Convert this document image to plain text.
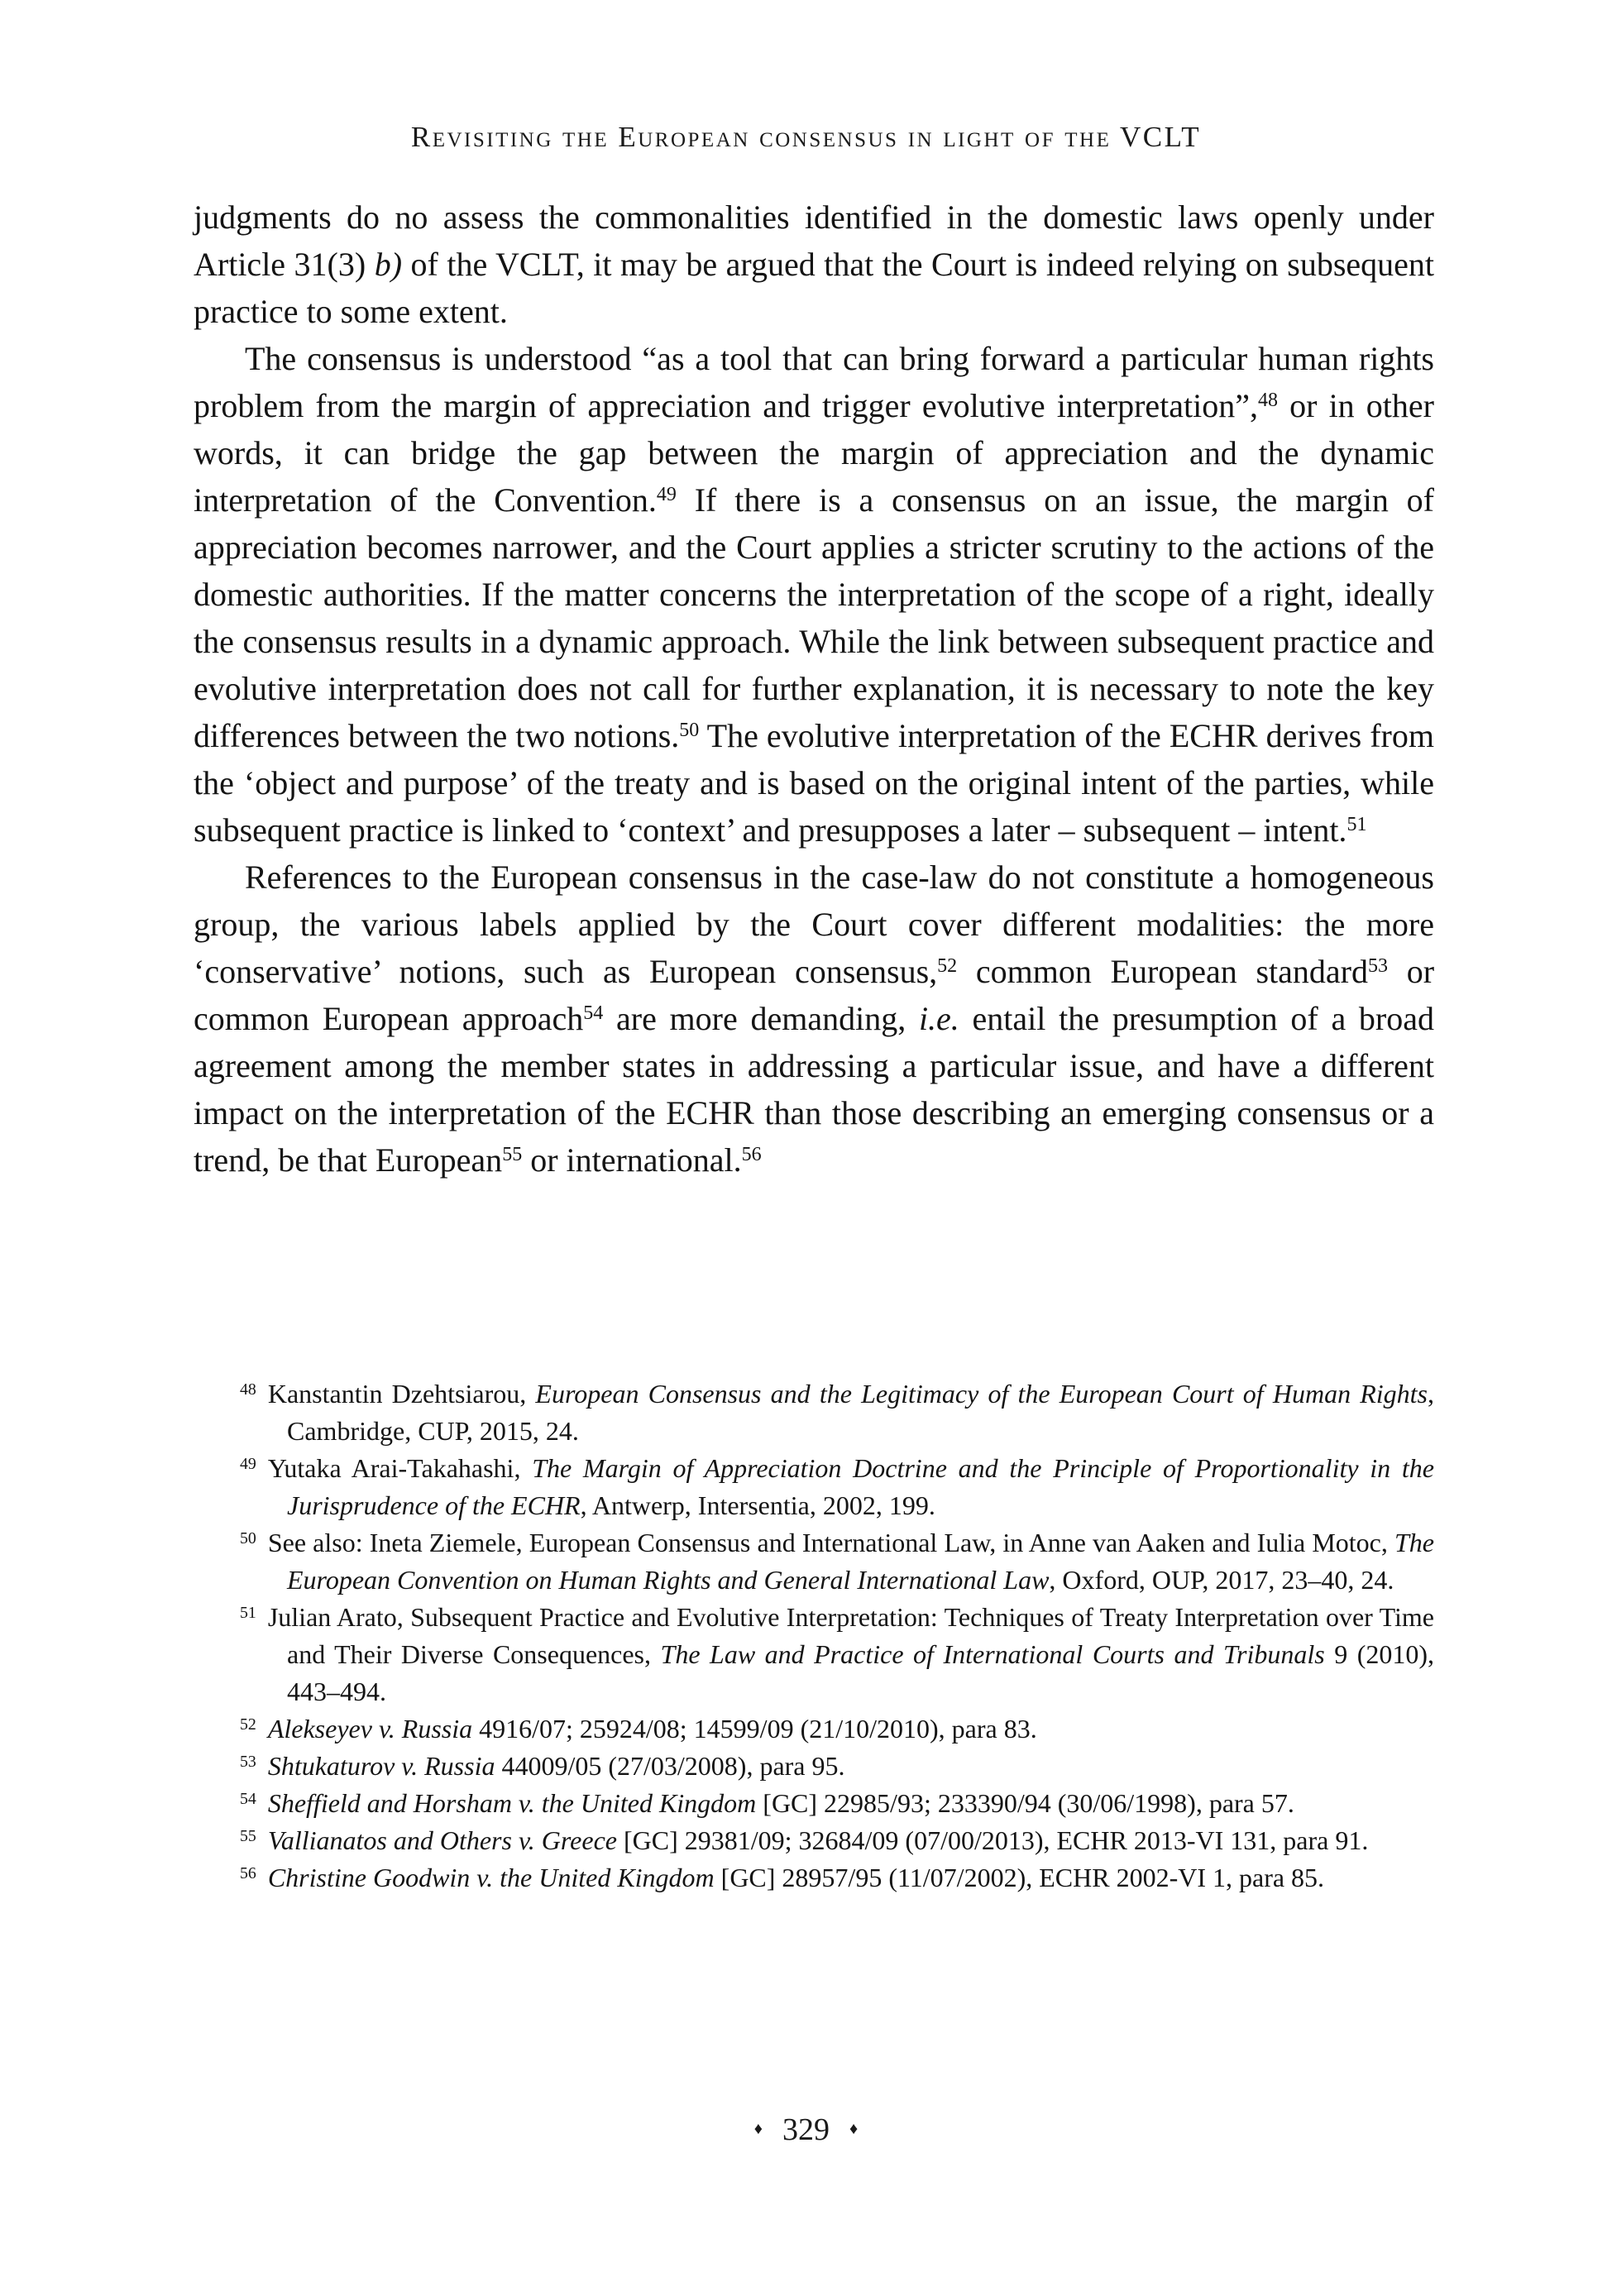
Revisiting the European consensus in light of the VCLT

judgments do no assess the commonalities identified in the domestic laws openly under Article 31(3) b) of the VCLT, it may be argued that the Court is indeed relying on subsequent practice to some extent.

The consensus is understood “as a tool that can bring forward a particular human rights problem from the margin of appreciation and trigger evolutive interpretation”,$^{48}$ or in other words, it can bridge the gap between the margin of appreciation and the dynamic interpretation of the Convention.$^{49}$ If there is a consensus on an issue, the margin of appreciation becomes narrower, and the Court applies a stricter scrutiny to the actions of the domestic authorities. If the matter concerns the interpretation of the scope of a right, ideally the consensus results in a dynamic approach. While the link between subsequent practice and evolutive interpretation does not call for further explanation, it is necessary to note the key differences between the two notions.$^{50}$ The evolutive interpretation of the ECHR derives from the ‘object and purpose’ of the treaty and is based on the original intent of the parties, while subsequent practice is linked to ‘context’ and presupposes a later – subsequent – intent.$^{51}$

References to the European consensus in the case-law do not constitute a homogeneous group, the various labels applied by the Court cover different modalities: the more ‘conservative’ notions, such as European consensus,$^{52}$ common European standard$^{53}$ or common European approach$^{54}$ are more demanding, i.e. entail the presumption of a broad agreement among the member states in addressing a particular issue, and have a different impact on the interpretation of the ECHR than those describing an emerging consensus or a trend, be that European$^{55}$ or international.$^{56}$

$^{48}$ Kanstantin Dzehtsiarou, European Consensus and the Legitimacy of the European Court of Human Rights, Cambridge, CUP, 2015, 24.

$^{49}$ Yutaka Arai-Takahashi, The Margin of Appreciation Doctrine and the Principle of Proportionality in the Jurisprudence of the ECHR, Antwerp, Intersentia, 2002, 199.

$^{50}$ See also: Ineta Ziemele, European Consensus and International Law, in Anne van Aaken and Iulia Motoc, The European Convention on Human Rights and General International Law, Oxford, OUP, 2017, 23–40, 24.

$^{51}$ Julian Arato, Subsequent Practice and Evolutive Interpretation: Techniques of Treaty Interpretation over Time and Their Diverse Consequences, The Law and Practice of International Courts and Tribunals 9 (2010), 443–494.

$^{52}$ Alekseyev v. Russia 4916/07; 25924/08; 14599/09 (21/10/2010), para 83.

$^{53}$ Shtukaturov v. Russia 44009/05 (27/03/2008), para 95.

$^{54}$ Sheffield and Horsham v. the United Kingdom [GC] 22985/93; 233390/94 (30/06/1998), para 57.

$^{55}$ Vallianatos and Others v. Greece [GC] 29381/09; 32684/09 (07/00/2013), ECHR 2013-VI 131, para 91.

$^{56}$ Christine Goodwin v. the United Kingdom [GC] 28957/95 (11/07/2002), ECHR 2002-VI 1, para 85.

♦ 329 ♦
